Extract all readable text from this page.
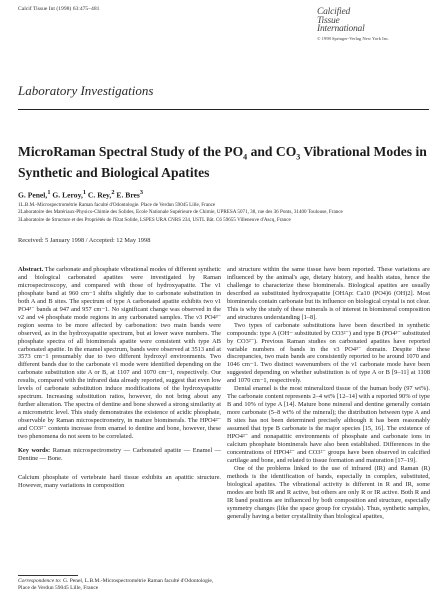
Calcif Tissue Int (1998) 63:475–481	Calcified
Tissue
International
© 1998 Springer-Verlag New York Inc.
Laboratory Investigations
MicroRaman Spectral Study of the $PO_4$ and $CO_3$ Vibrational Modes in Synthetic and Biological Apatites
G. Penel,$^1$ G. Leroy,$^1$ C. Rey,$^2$ E. Bres$^3$
1L.B.M.-Microspectrométrie Raman faculté d'Odontologie. Place de Verdun 59045 Lille, France
2Laboratoire des Matériaux-Physico-Chimie des Solides, Ecole Nationale Supérieure de Chimie, UPRESA 5071, 38, rue des 36 Ponts, 31400 Toulouse, France
3Laboratoire de Structure et des Propriétés de l'Etat Solide, LSPES URA CNRS 234, USTL Bât. C6 59655 Villeneuve d'Ascq, France
Received: 5 January 1998 / Accepted: 12 May 1998

Abstract. The carbonate and phosphate vibrational modes of different synthetic and biological carbonated apatites were investigated by Raman microspectroscopy, and compared with those of hydroxyapatite. The ν1 phosphate band at 960 cm−1 shifts slightly due to carbonate substitution in both A and B sites. The spectrum of type A carbonated apatite exhibits two ν1 PO4³⁻ bands at 947 and 957 cm−1. No significant change was observed in the ν2 and ν4 phosphate mode regions in any carbonated samples. The ν3 PO4³⁻ region seems to be more affected by carbonation: two main bands were observed, as in the hydroxyapatite spectrum, but at lower wave numbers. The phosphate spectra of all biominerals apatite were consistent with type AB carbonated apatite. In the enamel spectrum, bands were observed at 3513 and at 3573 cm−1 presumably due to two different hydroxyl environments. Two different bands due to the carbonate ν1 mode were identified depending on the carbonate substitution site A or B, at 1107 and 1070 cm−1, respectively. Our results, compared with the infrared data already reported, suggest that even low levels of carbonate substitution induce modifications of the hydroxyapatite spectrum. Increasing substitution ratios, however, do not bring about any further alteration. The spectra of dentine and bone showed a strong similarity at a micrometric level. This study demonstrates the existence of acidic phosphate, observable by Raman microspectrometry, in mature biominerals. The HPO4²⁻ and CO3²⁻ contents increase from enamel to dentine and bone, however, these two phenomena do not seem to be correlated.

Key words: Raman microspectrometry — Carbonated apatite — Enamel — Dentine — Bone.

Calcium phosphate of vertebrate hard tissue exhibits an apatitic structure. However, many variations in composition

Correspondence to: G. Penel, L.B.M.-Microspectrométrie Raman faculté d'Odontologie, Place de Verdun 59045 Lille, France

and structure within the same tissue have been reported. These variations are influenced by the animal's age, dietary history, and health status, hence the challenge to characterize these biominerals. Biological apatites are usually described as substituted hydroxyapatite [OHAp: Ca10 (PO4)6 (OH)2]. Most biominerals contain carbonate but its influence on biological crystal is not clear. This is why the study of these minerals is of interest in biomineral composition and structures understanding [1–8].

Two types of carbonate substitutions have been described in synthetic compounds: type A (OH− substituted by CO3²⁻) and type B (PO4³⁻ substituted by CO3²⁻). Previous Raman studies on carbonated apatites have reported variable numbers of bands in the ν3 PO4³⁻ domain. Despite these discrepancies, two main bands are consistently reported to be around 1070 and 1046 cm−1. Two distinct wavenumbers of the ν1 carbonate mode have been suggested depending on whether substitution is of type A or B [9–11] at 1108 and 1070 cm−1, respectively.

Dental enamel is the most mineralized tissue of the human body (97 wt%). The carbonate content represents 2–4 wt% [12–14] with a reported 90% of type B and 10% of type A [14]. Mature bone mineral and dentine generally contain more carbonate (5–8 wt% of the mineral); the distribution between type A and B sites has not been determined precisely although it has been reasonably assumed that type B carbonate is the major species [15, 16]. The existence of HPO4²⁻ and nonapatitic environments of phosphate and carbonate ions in calcium phosphate biominerals have also been established. Differences in the concentrations of HPO4²⁻ and CO3²⁻ groups have been observed in calcified cartilage and bone, and related to tissue formation and maturation [17–19].

One of the problems linked to the use of infrared (IR) and Raman (R) methods is the identification of bands, especially in complex, substituted, biological apatites. The vibrational activity is different in R and IR, some modes are both IR and R active, but others are only R or IR active. Both R and IR band positions are influenced by both composition and structure, especially symmetry changes (like the space group for crystals). Thus, synthetic samples, generally having a better crystallinity than biological apatites,
